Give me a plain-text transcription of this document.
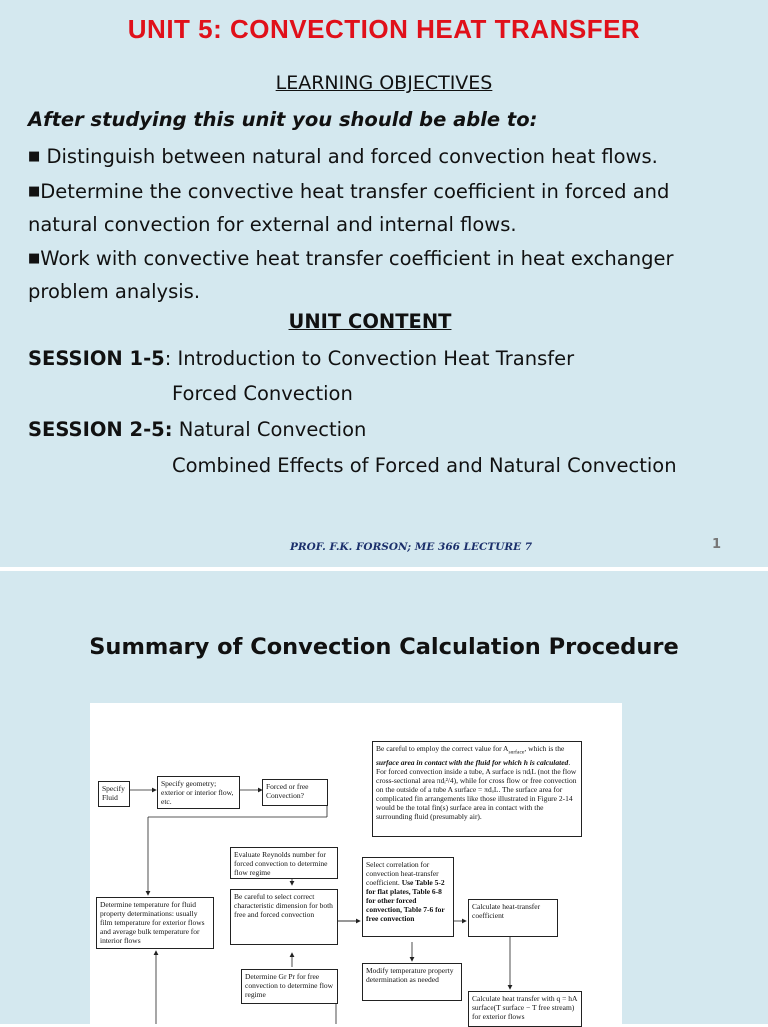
UNIT 5: CONVECTION HEAT TRANSFER
LEARNING OBJECTIVES
After studying this unit you should be able to:
■ Distinguish between natural and forced convection heat flows.
■Determine the convective heat transfer coefficient in forced and natural convection for external and internal flows.
■Work with convective heat transfer coefficient in heat exchanger problem analysis.
UNIT CONTENT
SESSION 1-5: Introduction to Convection Heat Transfer
Forced Convection
SESSION 2-5: Natural Convection
Combined Effects of Forced and Natural Convection
PROF. F.K. FORSON; ME 366 LECTURE 7	1
Summary of Convection Calculation Procedure
Specify Fluid
Specify geometry; exterior or interior flow, etc.
Forced or free Convection?
Be careful to employ the correct value for $A_{surface}$, which is the surface area in contact with the fluid for which h is calculated. For forced convection inside a tube, A surface is πdᵢL (not the flow cross-sectional area πdᵢ²/4), while for cross flow or free convection on the outside of a tube A surface = πdₒL. The surface area for complicated fin arrangements like those illustrated in Figure 2-14 would be the total fin(s) surface area in contact with the surrounding fluid (presumably air).
Evaluate Reynolds number for forced convection to determine flow regime
Determine temperature for fluid property determinations: usually film temperature for exterior flows and average bulk temperature for interior flows
Be careful to select correct characteristic dimension for both free and forced convection
Select correlation for convection heat-transfer coefficient. Use Table 5-2 for flat plates, Table 6-8 for other forced convection, Table 7-6 for free convection
Calculate heat-transfer coefficient
Determine Gr Pr for free convection to determine flow regime
Modify temperature property determination as needed
Calculate heat transfer with q = hA surface(T surface − T free stream) for exterior flows
